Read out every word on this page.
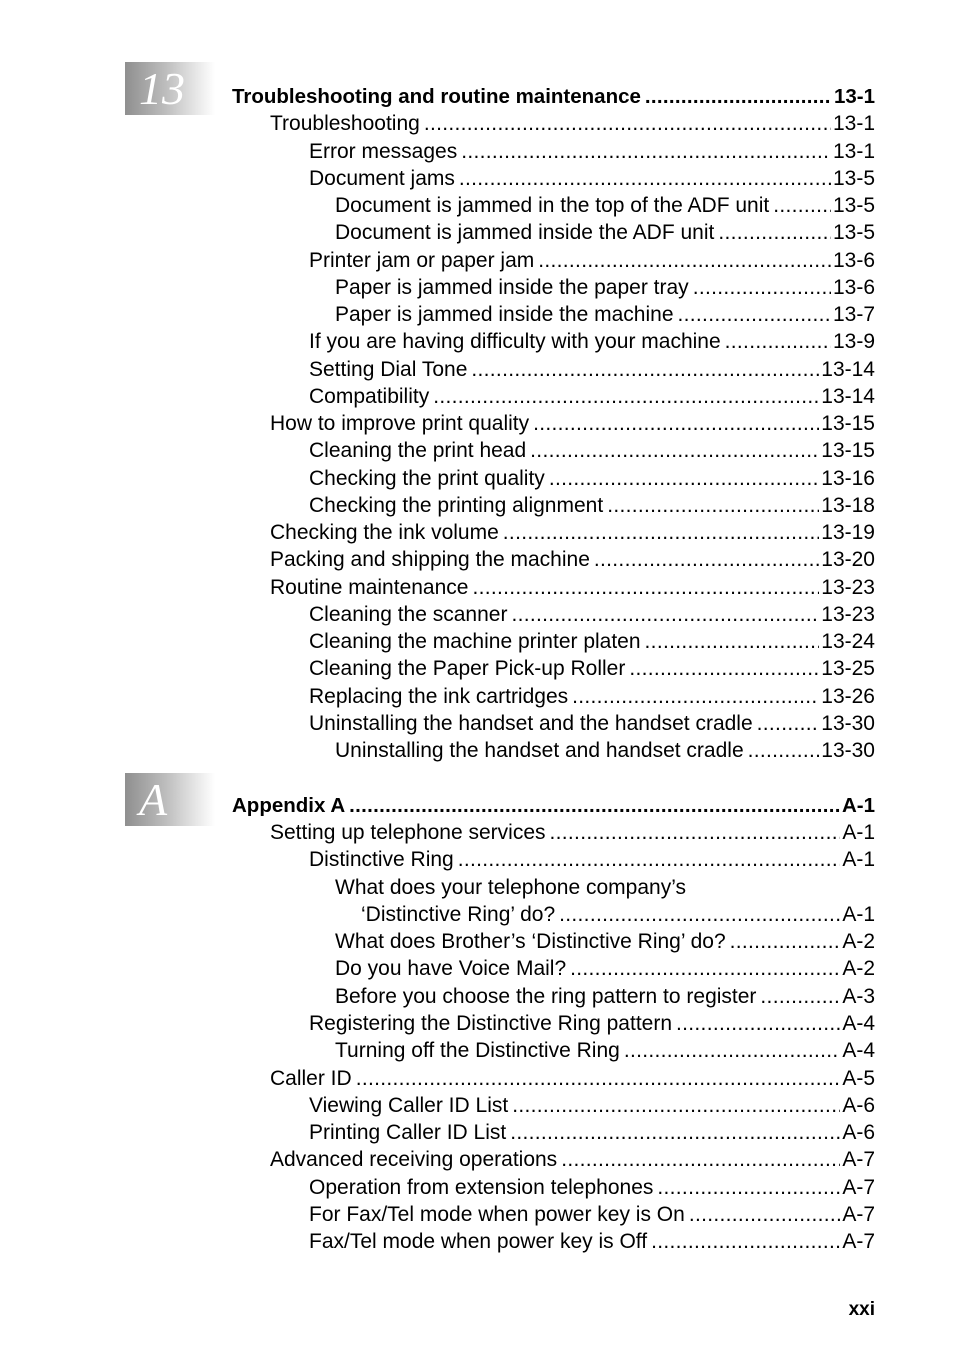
13
A
Troubleshooting and routine maintenance .....	13-1
Troubleshooting .....	13-1
Error messages .....	13-1
Document jams .....	13-5
Document is jammed in the top of the ADF unit .....	13-5
Document is jammed inside the ADF unit .....	13-5
Printer jam or paper jam .....	13-6
Paper is jammed inside the paper tray .....	13-6
Paper is jammed inside the machine .....	13-7
If you are having difficulty with your machine .....	13-9
Setting Dial Tone .....	13-14
Compatibility .....	13-14
How to improve print quality .....	13-15
Cleaning the print head .....	13-15
Checking the print quality .....	13-16
Checking the printing alignment .....	13-18
Checking the ink volume .....	13-19
Packing and shipping the machine .....	13-20
Routine maintenance .....	13-23
Cleaning the scanner .....	13-23
Cleaning the machine printer platen .....	13-24
Cleaning the Paper Pick-up Roller .....	13-25
Replacing the ink cartridges .....	13-26
Uninstalling the handset and the handset cradle .....	13-30
Uninstalling the handset and handset cradle .....	13-30
Appendix A .....	A-1
Setting up telephone services .....	A-1
Distinctive Ring .....	A-1
What does your telephone company’s
‘Distinctive Ring’ do? .....	A-1
What does Brother’s ‘Distinctive Ring’ do? .....	A-2
Do you have Voice Mail? .....	A-2
Before you choose the ring pattern to register .....	A-3
Registering the Distinctive Ring pattern .....	A-4
Turning off the Distinctive Ring .....	A-4
Caller ID .....	A-5
Viewing Caller ID List .....	A-6
Printing Caller ID List .....	A-6
Advanced receiving operations .....	A-7
Operation from extension telephones .....	A-7
For Fax/Tel mode when power key is On .....	A-7
Fax/Tel mode when power key is Off .....	A-7
xxi
